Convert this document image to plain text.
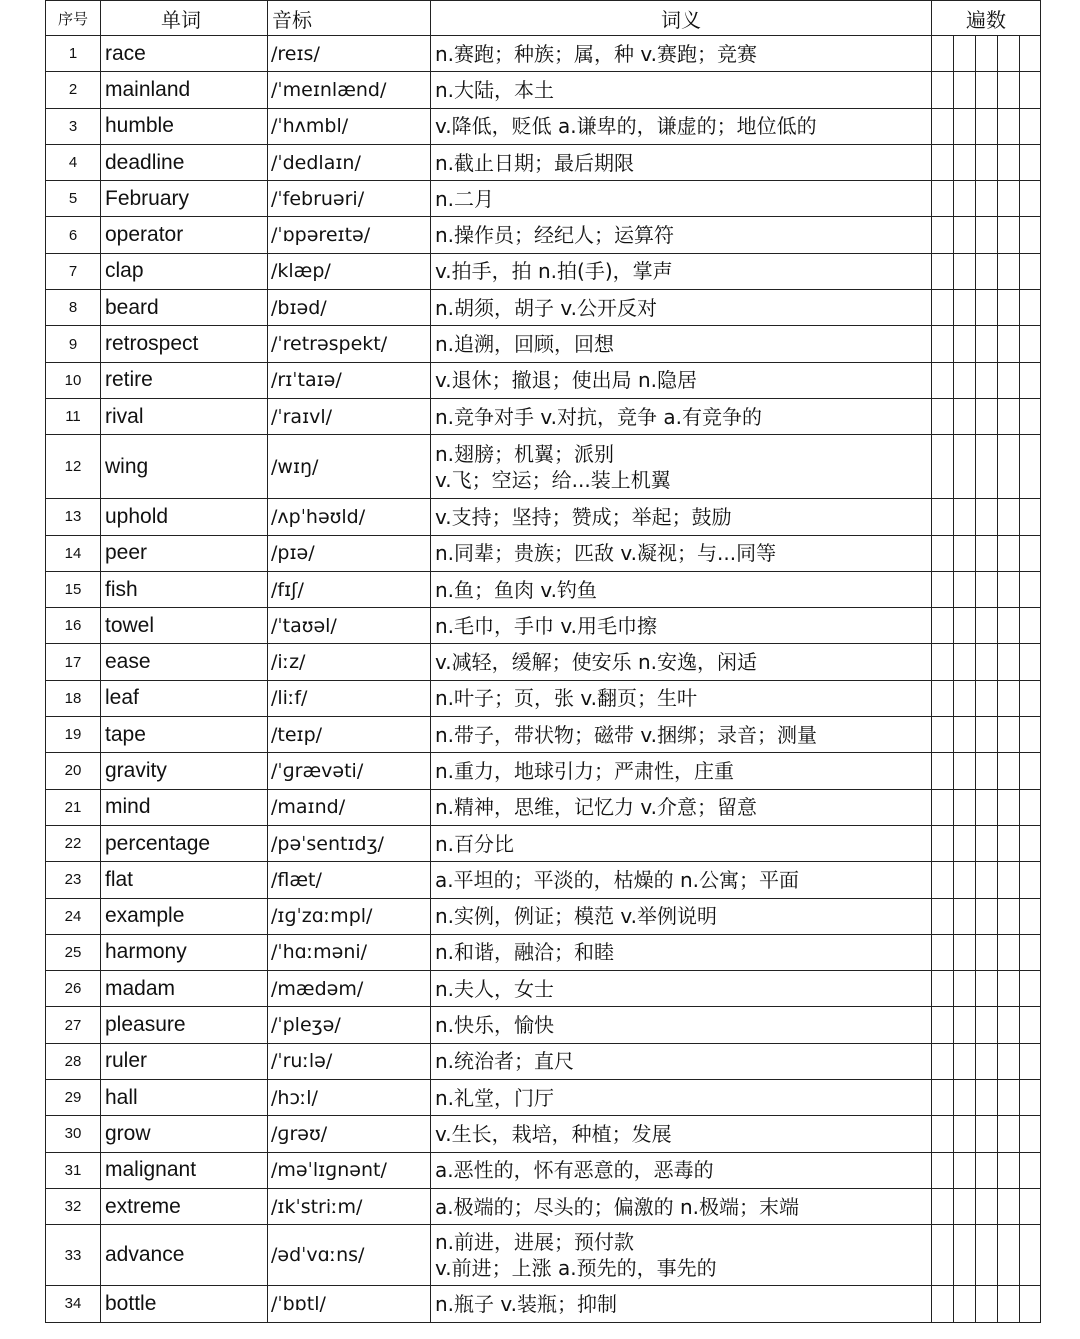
序号	单词	音标	词义	遍数				
1	race	/reɪs/	n.赛跑；种族；属，种 v.赛跑；竞赛					

2	mainland	/ˈmeɪnlænd/	n.大陆，本土					

3	humble	/ˈhʌmbl/	v.降低，贬低 a.谦卑的，谦虚的；地位低的					

4	deadline	/ˈdedlaɪn/	n.截止日期；最后期限					

5	February	/ˈfebruəri/	n.二月					

6	operator	/ˈɒpəreɪtə/	n.操作员；经纪人；运算符					

7	clap	/klæp/	v.拍手，拍 n.拍(手)，掌声					

8	beard	/bɪəd/	n.胡须，胡子 v.公开反对					

9	retrospect	/ˈretrəspekt/	n.追溯，回顾，回想					

10	retire	/rɪˈtaɪə/	v.退休；撤退；使出局 n.隐居					

11	rival	/ˈraɪvl/	n.竞争对手 v.对抗，竞争 a.有竞争的					

12	wing	/wɪŋ/	n.翅膀；机翼；派别
v.飞；空运；给...装上机翼					

13	uphold	/ʌpˈhəʊld/	v.支持；坚持；赞成；举起；鼓励					

14	peer	/pɪə/	n.同辈；贵族；匹敌 v.凝视；与...同等					

15	fish	/fɪʃ/	n.鱼；鱼肉 v.钓鱼					

16	towel	/ˈtaʊəl/	n.毛巾，手巾 v.用毛巾擦					

17	ease	/iːz/	v.减轻，缓解；使安乐 n.安逸，闲适					

18	leaf	/liːf/	n.叶子；页，张 v.翻页；生叶					

19	tape	/teɪp/	n.带子，带状物；磁带 v.捆绑；录音；测量					

20	gravity	/ˈɡrævəti/	n.重力，地球引力；严肃性，庄重					

21	mind	/maɪnd/	n.精神，思维，记忆力 v.介意；留意					

22	percentage	/pəˈsentɪdʒ/	n.百分比					

23	flat	/flæt/	a.平坦的；平淡的，枯燥的 n.公寓；平面					

24	example	/ɪɡˈzɑːmpl/	n.实例，例证；模范 v.举例说明					

25	harmony	/ˈhɑːməni/	n.和谐，融洽；和睦					

26	madam	/mædəm/	n.夫人，女士					

27	pleasure	/ˈpleʒə/	n.快乐，愉快					

28	ruler	/ˈruːlə/	n.统治者；直尺					

29	hall	/hɔːl/	n.礼堂，门厅					

30	grow	/ɡrəʊ/	v.生长，栽培，种植；发展					

31	malignant	/məˈlɪɡnənt/	a.恶性的，怀有恶意的，恶毒的					

32	extreme	/ɪkˈstriːm/	a.极端的；尽头的；偏激的 n.极端；末端					

33	advance	/ədˈvɑːns/	n.前进，进展；预付款
v.前进；上涨 a.预先的，事先的					

34	bottle	/ˈbɒtl/	n.瓶子 v.装瓶；抑制					
